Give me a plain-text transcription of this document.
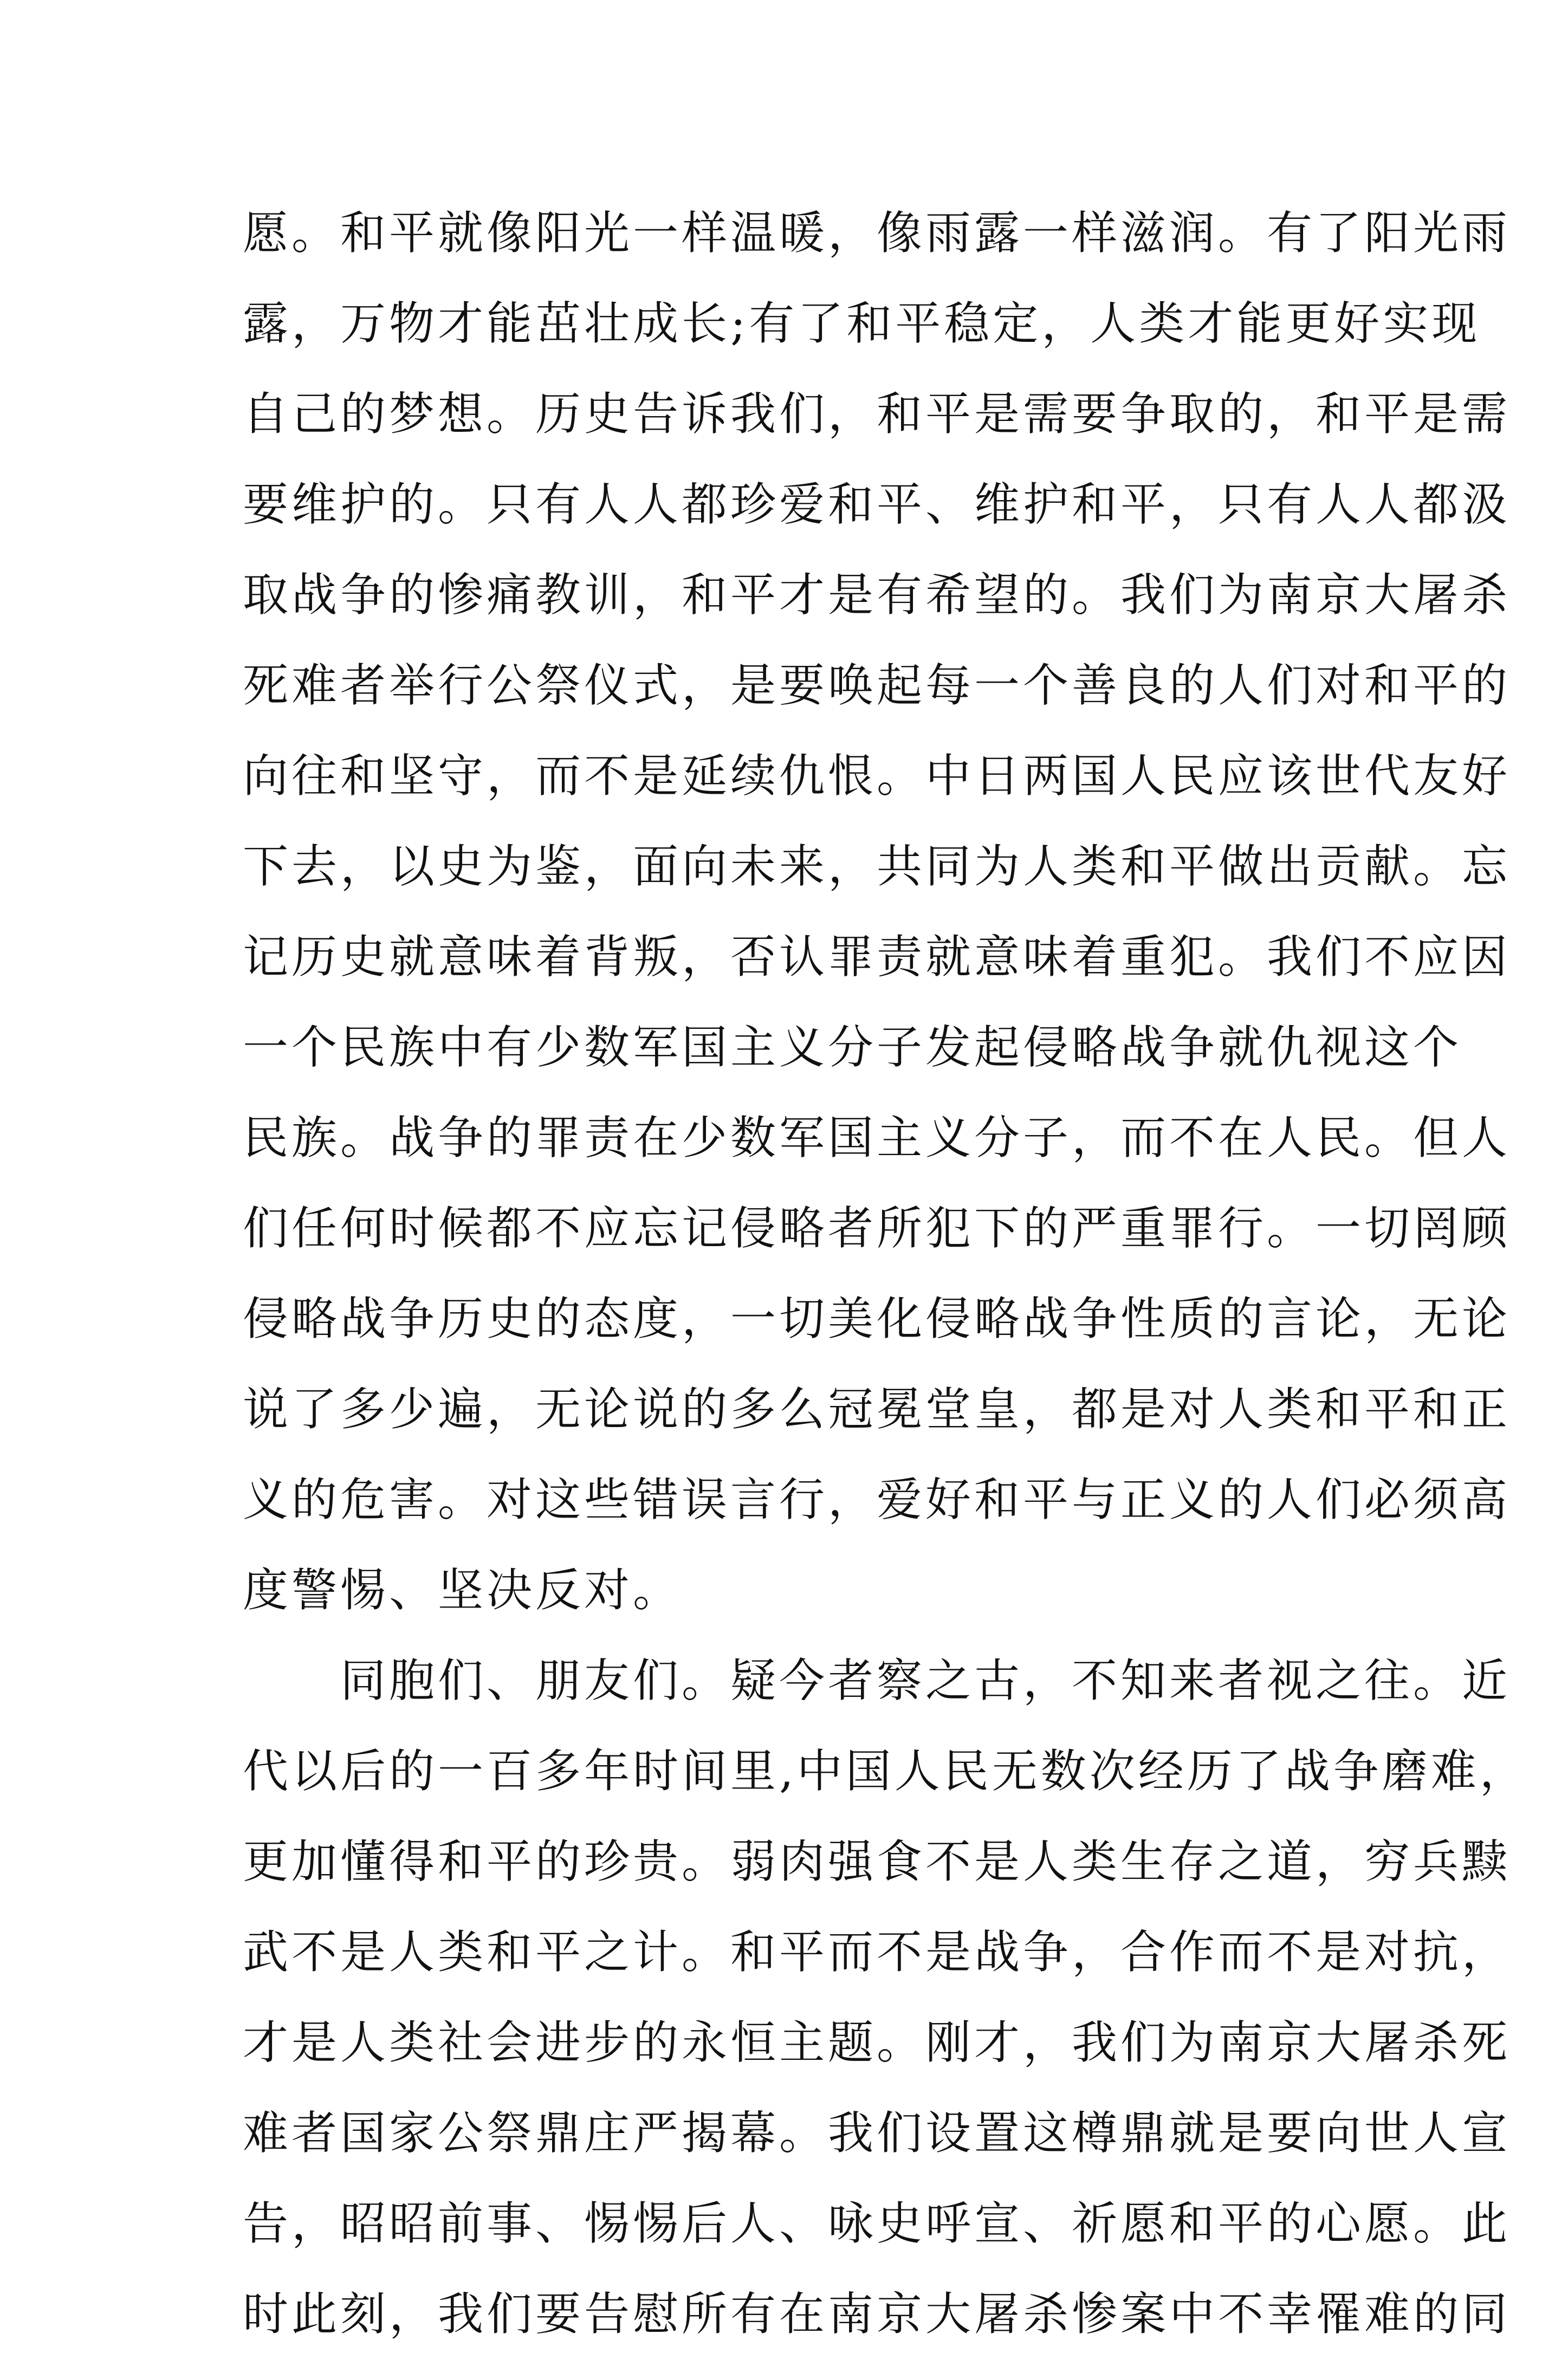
愿。和平就像阳光一样温暖，像雨露一样滋润。有了阳光雨
露，万物才能茁壮成长;有了和平稳定，人类才能更好实现
自己的梦想。历史告诉我们，和平是需要争取的，和平是需
要维护的。只有人人都珍爱和平、维护和平，只有人人都汲
取战争的惨痛教训，和平才是有希望的。我们为南京大屠杀
死难者举行公祭仪式，是要唤起每一个善良的人们对和平的
向往和坚守，而不是延续仇恨。中日两国人民应该世代友好
下去，以史为鉴，面向未来，共同为人类和平做出贡献。忘
记历史就意味着背叛，否认罪责就意味着重犯。我们不应因
一个民族中有少数军国主义分子发起侵略战争就仇视这个
民族。战争的罪责在少数军国主义分子，而不在人民。但人
们任何时候都不应忘记侵略者所犯下的严重罪行。一切罔顾
侵略战争历史的态度，一切美化侵略战争性质的言论，无论
说了多少遍，无论说的多么冠冕堂皇，都是对人类和平和正
义的危害。对这些错误言行，爱好和平与正义的人们必须高
度警惕、坚决反对。
　　同胞们、朋友们。疑今者察之古，不知来者视之往。近
代以后的一百多年时间里,中国人民无数次经历了战争磨难，
更加懂得和平的珍贵。弱肉强食不是人类生存之道，穷兵黩
武不是人类和平之计。和平而不是战争，合作而不是对抗，
才是人类社会进步的永恒主题。刚才，我们为南京大屠杀死
难者国家公祭鼎庄严揭幕。我们设置这樽鼎就是要向世人宣
告，昭昭前事、惕惕后人、咏史呼宣、祈愿和平的心愿。此
时此刻，我们要告慰所有在南京大屠杀惨案中不幸罹难的同
